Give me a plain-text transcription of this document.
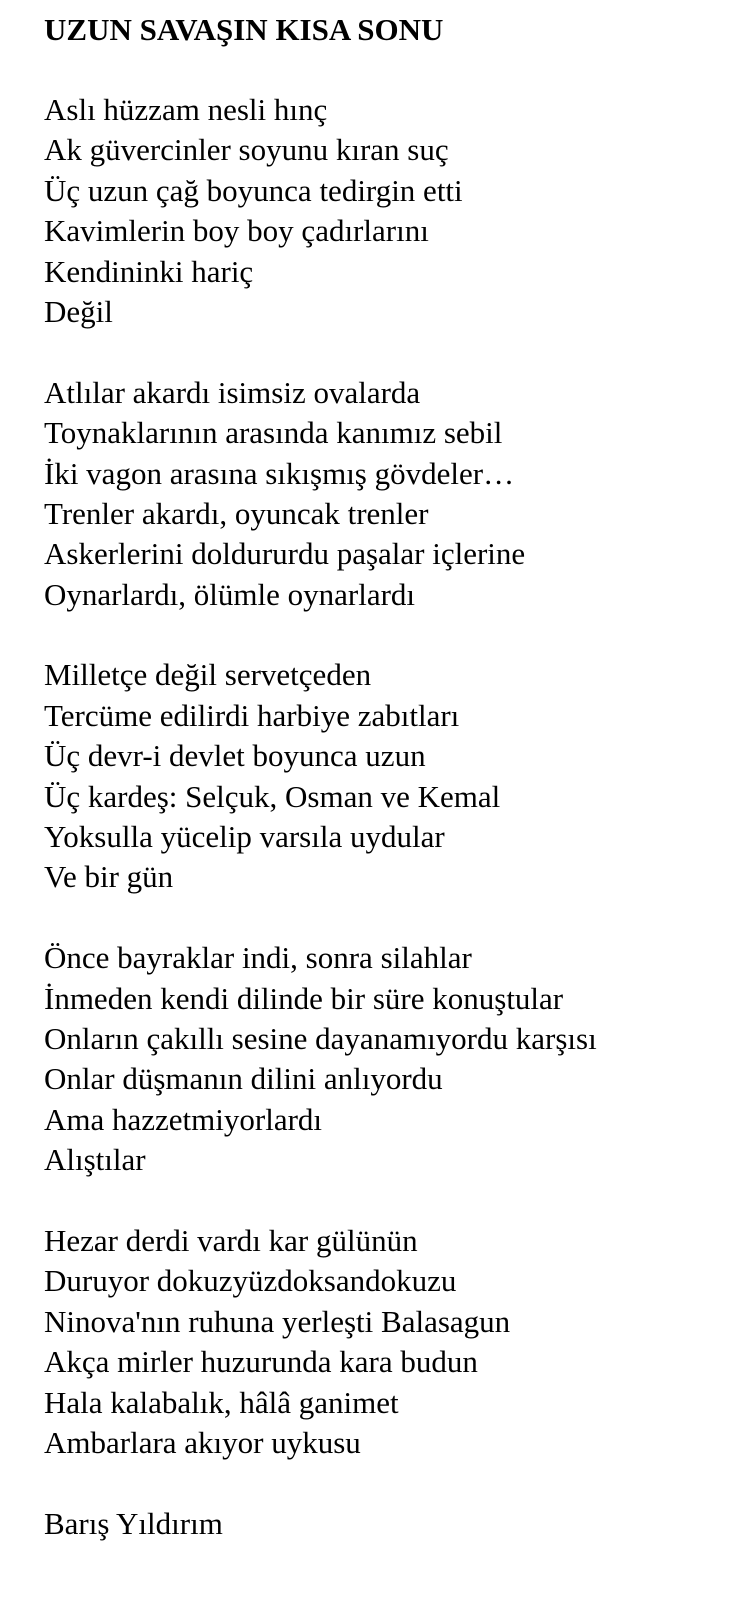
UZUN SAVAŞIN KISA SONU
Aslı hüzzam nesli hınç
Ak güvercinler soyunu kıran suç
Üç uzun çağ boyunca tedirgin etti
Kavimlerin boy boy çadırlarını
Kendininki hariç
Değil
Atlılar akardı isimsiz ovalarda
Toynaklarının arasında kanımız sebil
İki vagon arasına sıkışmış gövdeler…
Trenler akardı, oyuncak trenler
Askerlerini doldururdu paşalar içlerine
Oynarlardı, ölümle oynarlardı
Milletçe değil servetçeden
Tercüme edilirdi harbiye zabıtları
Üç devr-i devlet boyunca uzun
Üç kardeş: Selçuk, Osman ve Kemal
Yoksulla yücelip varsıla uydular
Ve bir gün
Önce bayraklar indi, sonra silahlar
İnmeden kendi dilinde bir süre konuştular
Onların çakıllı sesine dayanamıyordu karşısı
Onlar düşmanın dilini anlıyordu
Ama hazzetmiyorlardı
Alıştılar
Hezar derdi vardı kar gülünün
Duruyor dokuzyüzdoksandokuzu
Ninova'nın ruhuna yerleşti Balasagun
Akça mirler huzurunda kara budun
Hala kalabalık, hâlâ ganimet
Ambarlara akıyor uykusu
Barış Yıldırım
